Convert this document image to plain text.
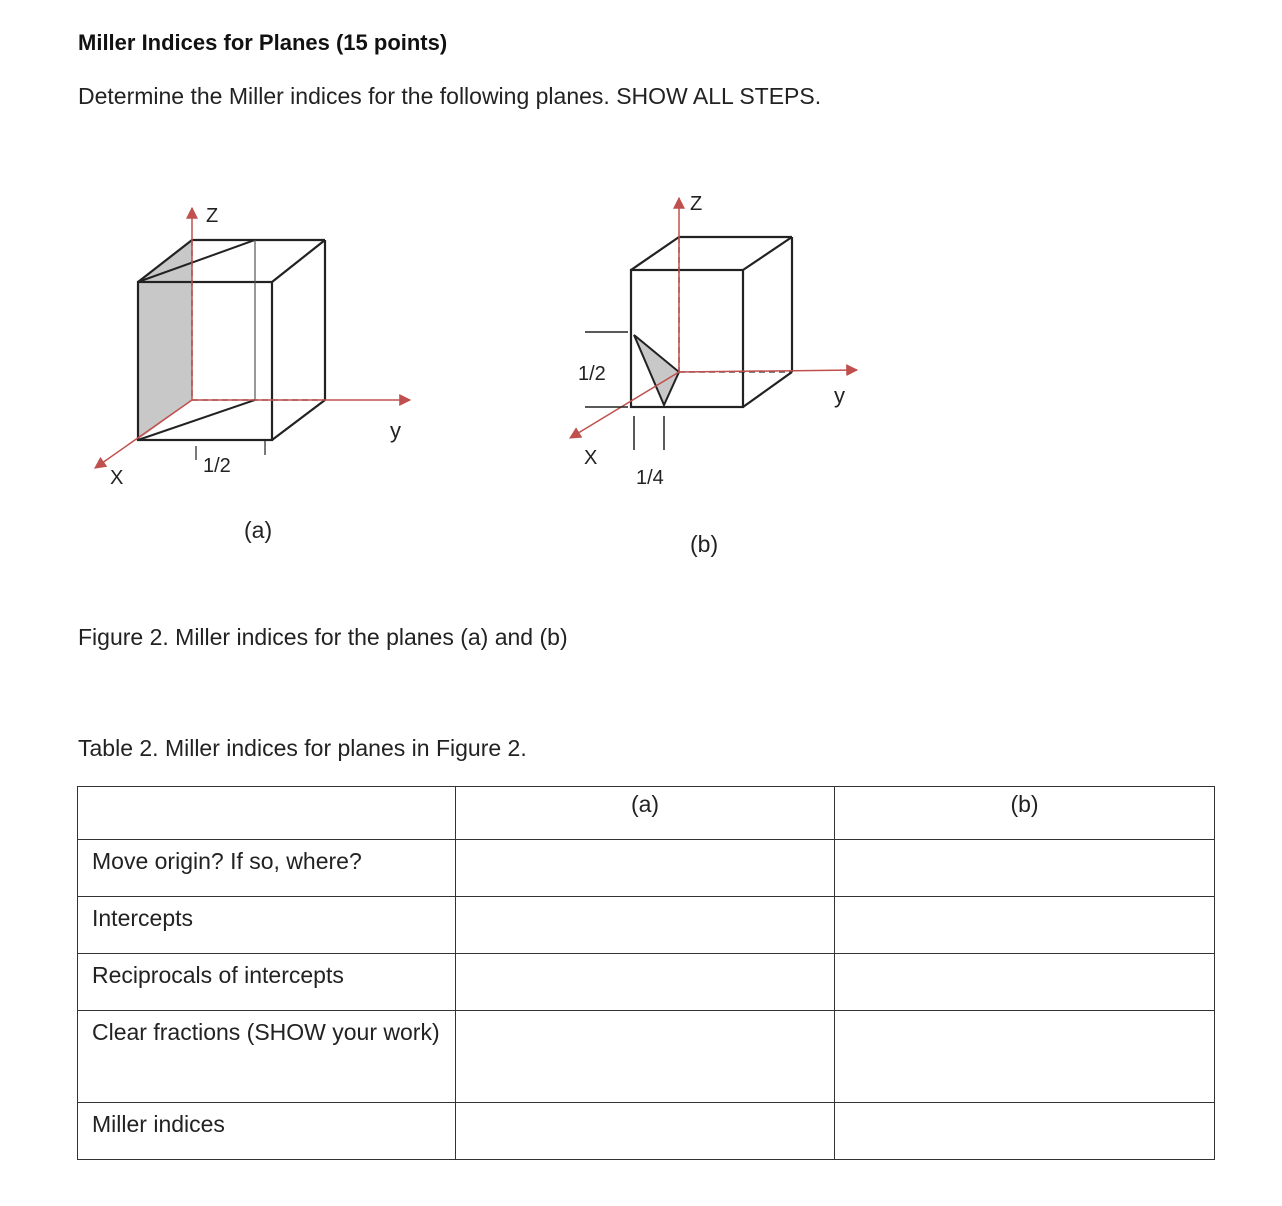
Miller Indices for Planes (15 points)
Determine the Miller indices for the following planes. SHOW ALL STEPS.
Z
y
X
1/2
(a)
Z
y
X
1/2
1/4
(b)
Figure 2. Miller indices for the planes (a) and (b)
Table 2. Miller indices for planes in Figure 2.
	(a)	(b)
Move origin? If so, where?		
Intercepts		
Reciprocals of intercepts		
Clear fractions (SHOW your work)		
Miller indices		
